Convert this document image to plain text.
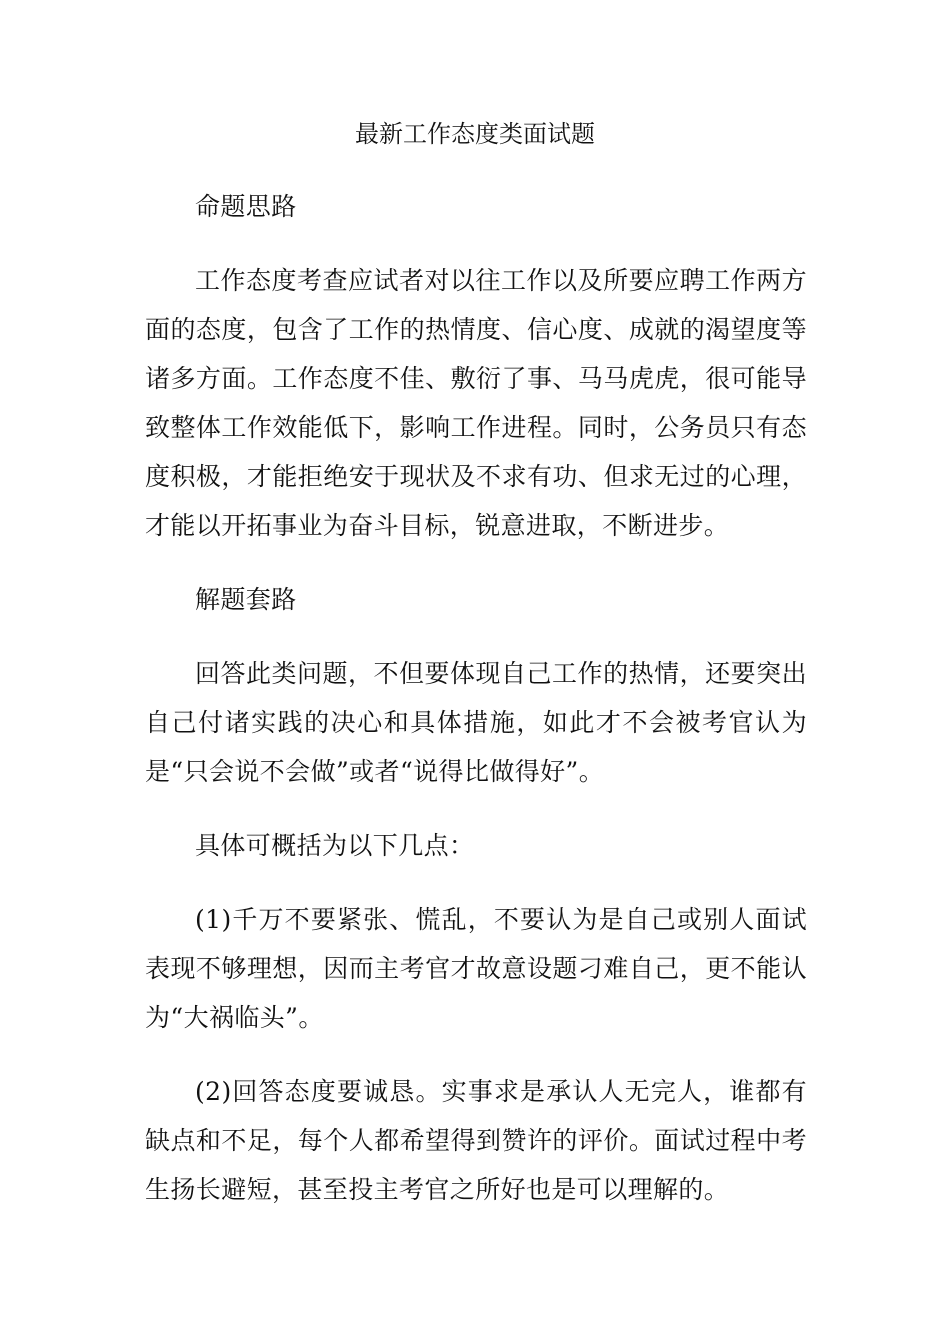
最新工作态度类面试题

命题思路

工作态度考查应试者对以往工作以及所要应聘工作两方面的态度，包含了工作的热情度、信心度、成就的渴望度等诸多方面。工作态度不佳、敷衍了事、马马虎虎，很可能导致整体工作效能低下，影响工作进程。同时，公务员只有态度积极，才能拒绝安于现状及不求有功、但求无过的心理，才能以开拓事业为奋斗目标，锐意进取，不断进步。

解题套路

回答此类问题，不但要体现自己工作的热情，还要突出自己付诸实践的决心和具体措施，如此才不会被考官认为是“只会说不会做”或者“说得比做得好”。

具体可概括为以下几点：

(1)千万不要紧张、慌乱，不要认为是自己或别人面试表现不够理想，因而主考官才故意设题刁难自己，更不能认为“大祸临头”。

(2)回答态度要诚恳。实事求是承认人无完人，谁都有缺点和不足，每个人都希望得到赞许的评价。面试过程中考生扬长避短，甚至投主考官之所好也是可以理解的。
